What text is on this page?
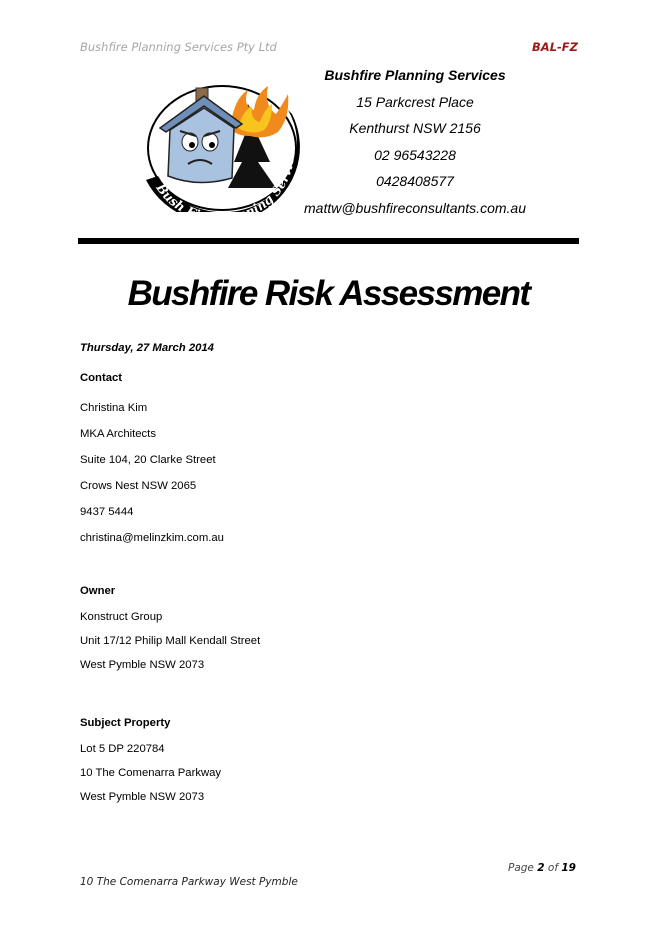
Bushfire Planning Services Pty Ltd	BAL-FZ
Bush F ning Services
Bushfire Planning Services
15 Parkcrest Place
Kenthurst NSW 2156
02 96543228
0428408577
mattw@bushfireconsultants.com.au
Bushfire Risk Assessment
Thursday, 27 March 2014
Contact
Christina Kim
MKA Architects
Suite 104, 20 Clarke Street
Crows Nest NSW 2065
9437 5444
christina@melinzkim.com.au
Owner
Konstruct Group
Unit 17/12 Philip Mall Kendall Street
West Pymble NSW 2073
Subject Property
Lot 5 DP 220784
10 The Comenarra Parkway
West Pymble NSW 2073
Page 2 of 19
10 The Comenarra Parkway West Pymble
